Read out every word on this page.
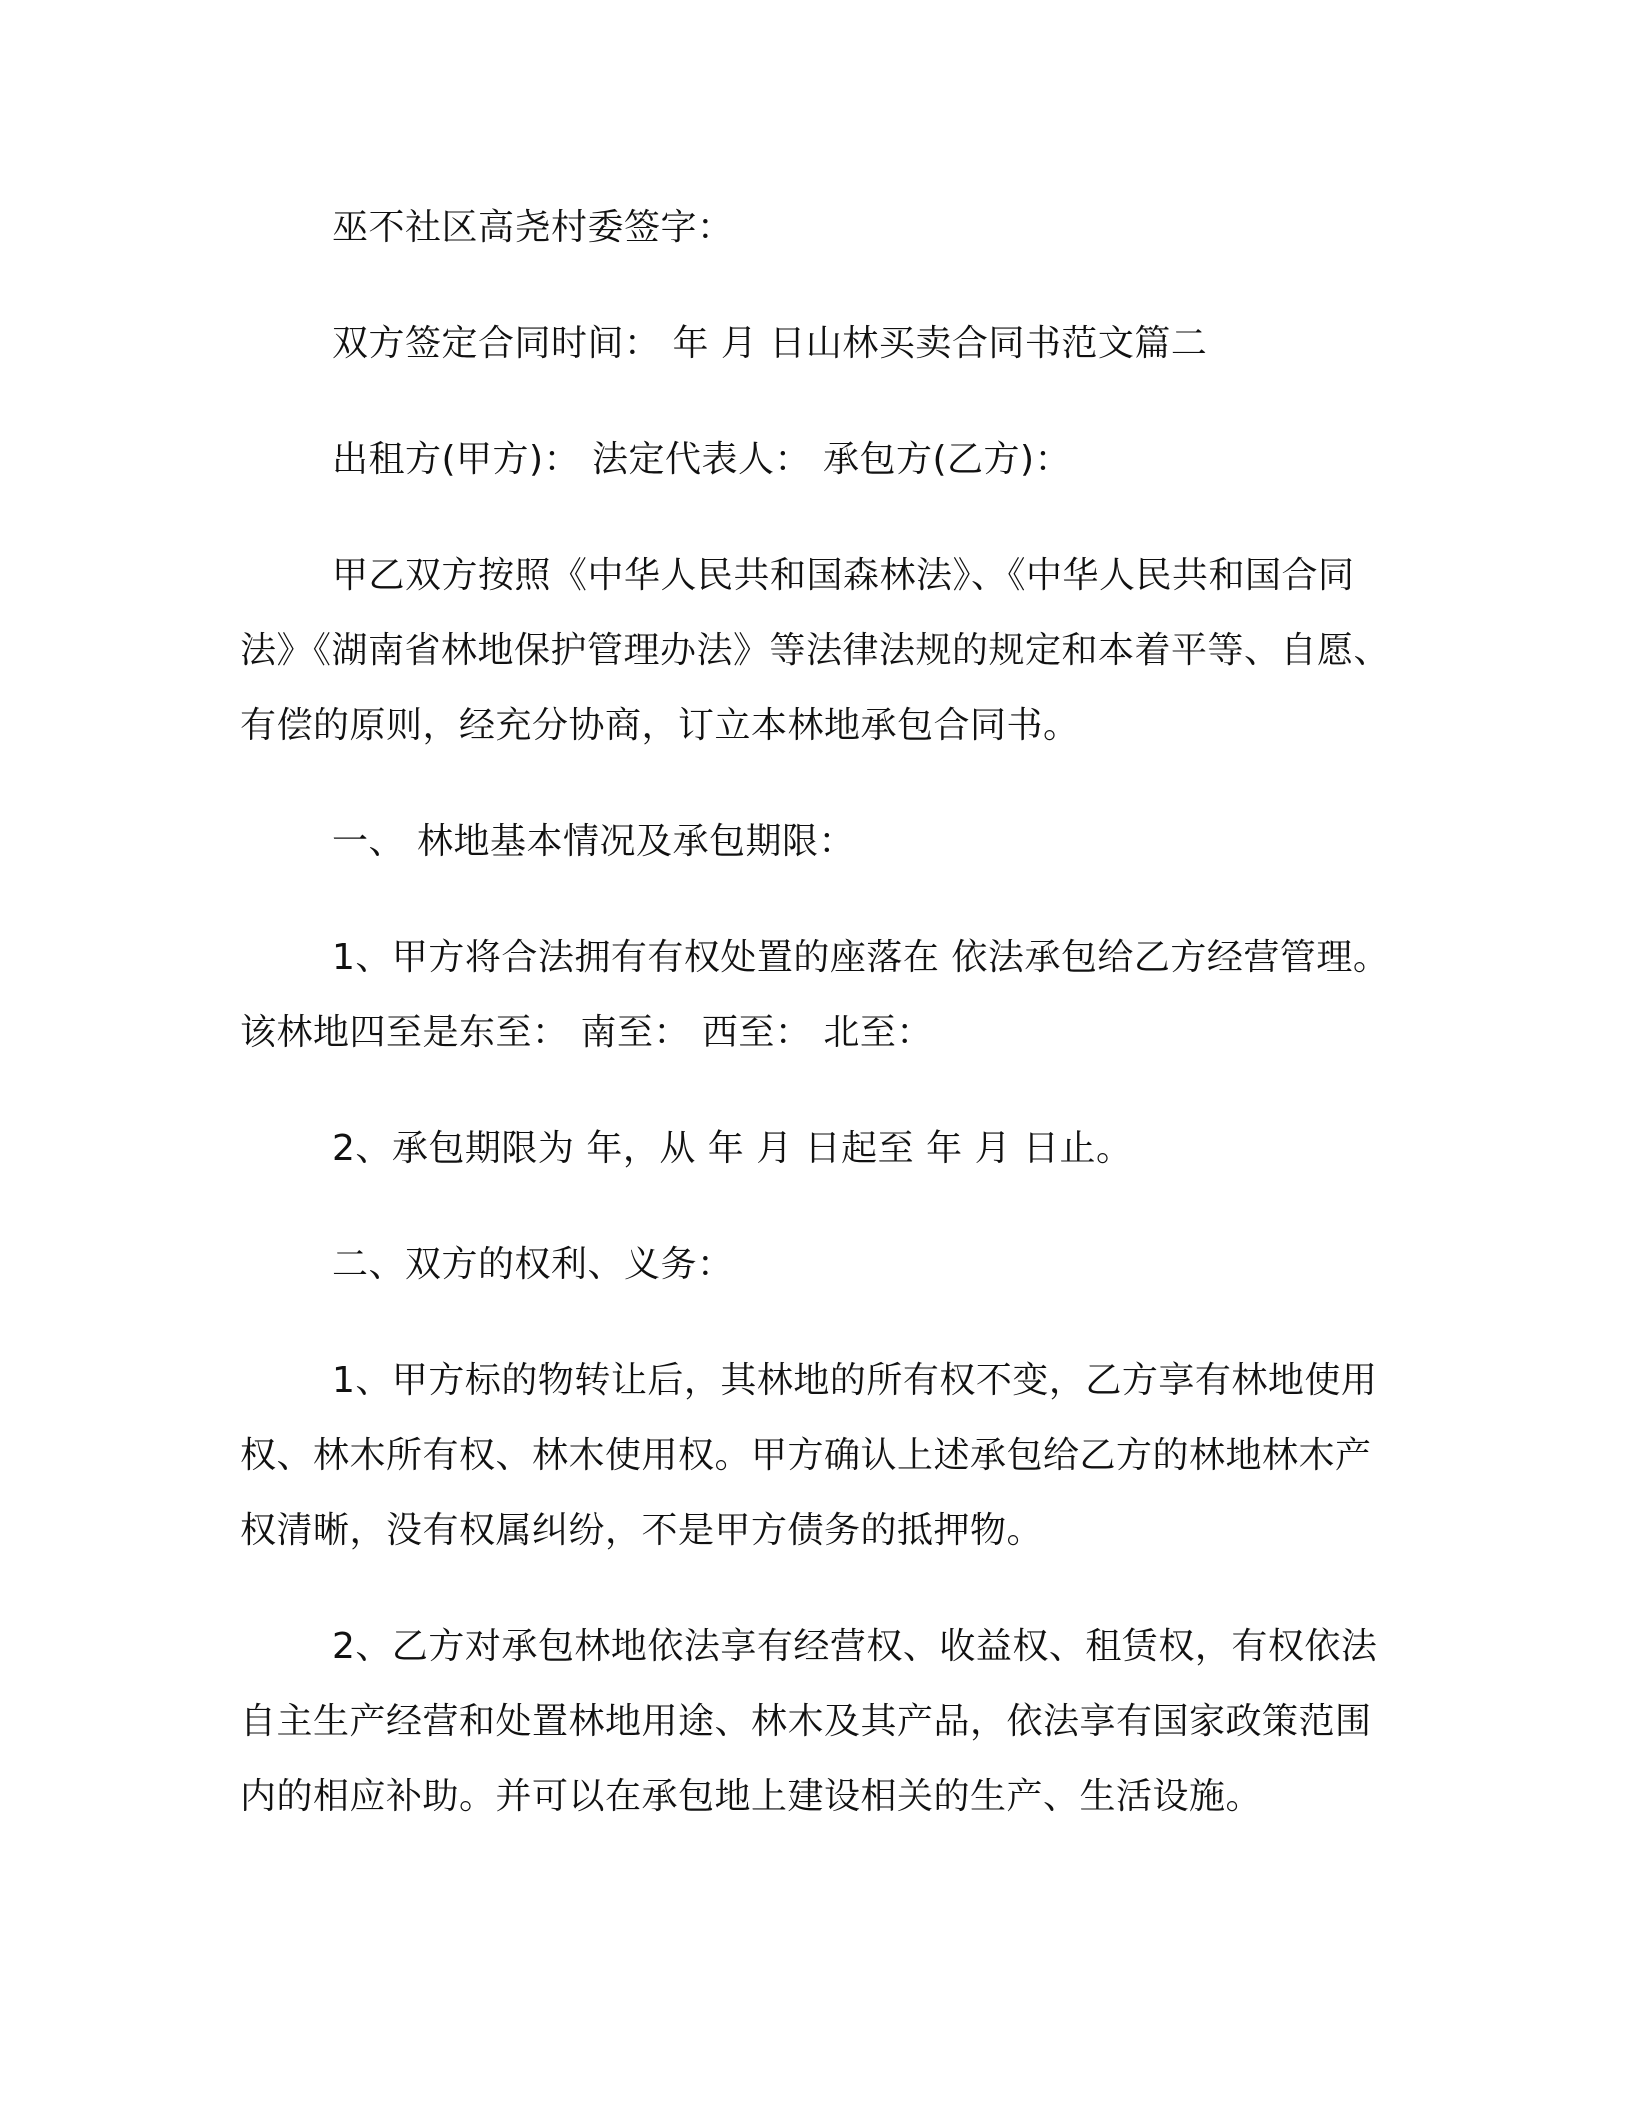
巫不社区高尧村委签字：

双方签定合同时间： 年 月 日山林买卖合同书范文篇二

出租方(甲方)： 法定代表人： 承包方(乙方)：

甲乙双方按照《中华人民共和国森林法》、《中华人民共和国合同法》《湖南省林地保护管理办法》等法律法规的规定和本着平等、自愿、有偿的原则，经充分协商，订立本林地承包合同书。

一、 林地基本情况及承包期限：

1、甲方将合法拥有有权处置的座落在 依法承包给乙方经营管理。该林地四至是东至： 南至： 西至： 北至：

2、承包期限为 年，从 年 月 日起至 年 月 日止。

二、双方的权利、义务：

1、甲方标的物转让后，其林地的所有权不变，乙方享有林地使用权、林木所有权、林木使用权。甲方确认上述承包给乙方的林地林木产权清晰，没有权属纠纷，不是甲方债务的抵押物。

2、乙方对承包林地依法享有经营权、收益权、租赁权，有权依法自主生产经营和处置林地用途、林木及其产品，依法享有国家政策范围内的相应补助。并可以在承包地上建设相关的生产、生活设施。
